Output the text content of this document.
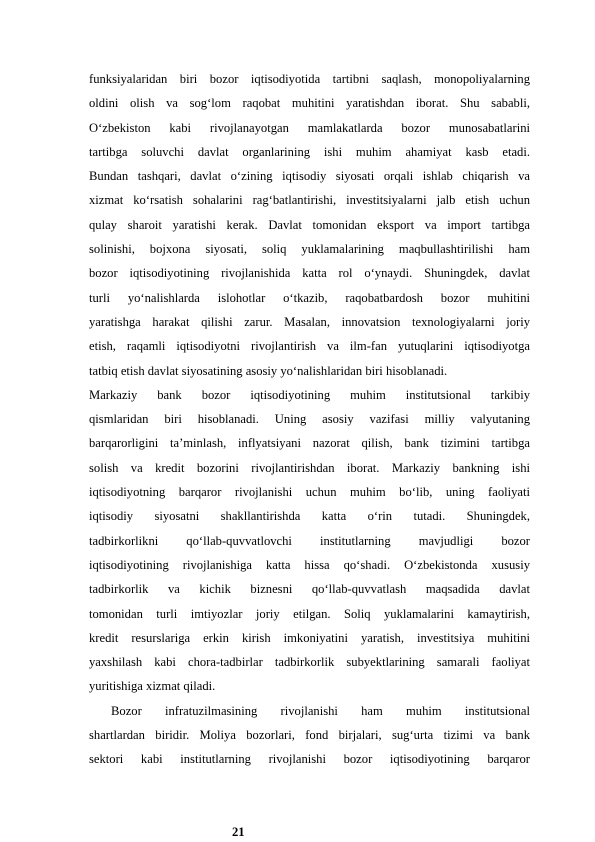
funksiyalaridan biri bozor iqtisodiyotida tartibni saqlash, monopoliyalarning
oldini olish va sog‘lom raqobat muhitini yaratishdan iborat. Shu sababli,
O‘zbekiston kabi rivojlanayotgan mamlakatlarda bozor munosabatlarini
tartibga soluvchi davlat organlarining ishi muhim ahamiyat kasb etadi.
Bundan tashqari, davlat o‘zining iqtisodiy siyosati orqali ishlab chiqarish va
xizmat ko‘rsatish sohalarini rag‘batlantirishi, investitsiyalarni jalb etish uchun
qulay sharoit yaratishi kerak. Davlat tomonidan eksport va import tartibga
solinishi, bojxona siyosati, soliq yuklamalarining maqbullashtirilishi ham
bozor iqtisodiyotining rivojlanishida katta rol o‘ynaydi. Shuningdek, davlat
turli yo‘nalishlarda islohotlar o‘tkazib, raqobatbardosh bozor muhitini
yaratishga harakat qilishi zarur. Masalan, innovatsion texnologiyalarni joriy
etish, raqamli iqtisodiyotni rivojlantirish va ilm-fan yutuqlarini iqtisodiyotga
tatbiq etish davlat siyosatining asosiy yo‘nalishlaridan biri hisoblanadi.
Markaziy bank bozor iqtisodiyotining muhim institutsional tarkibiy
qismlaridan biri hisoblanadi. Uning asosiy vazifasi milliy valyutaning
barqarorligini ta’minlash, inflyatsiyani nazorat qilish, bank tizimini tartibga
solish va kredit bozorini rivojlantirishdan iborat. Markaziy bankning ishi
iqtisodiyotning barqaror rivojlanishi uchun muhim bo‘lib, uning faoliyati
iqtisodiy siyosatni shakllantirishda katta o‘rin tutadi. Shuningdek,
tadbirkorlikni qo‘llab-quvvatlovchi institutlarning mavjudligi bozor
iqtisodiyotining rivojlanishiga katta hissa qo‘shadi. O‘zbekistonda xususiy
tadbirkorlik va kichik biznesni qo‘llab-quvvatlash maqsadida davlat
tomonidan turli imtiyozlar joriy etilgan. Soliq yuklamalarini kamaytirish,
kredit resurslariga erkin kirish imkoniyatini yaratish, investitsiya muhitini
yaxshilash kabi chora-tadbirlar tadbirkorlik subyektlarining samarali faoliyat
yuritishiga xizmat qiladi.
Bozor infratuzilmasining rivojlanishi ham muhim institutsional
shartlardan biridir. Moliya bozorlari, fond birjalari, sug‘urta tizimi va bank
sektori kabi institutlarning rivojlanishi bozor iqtisodiyotining barqaror
21
